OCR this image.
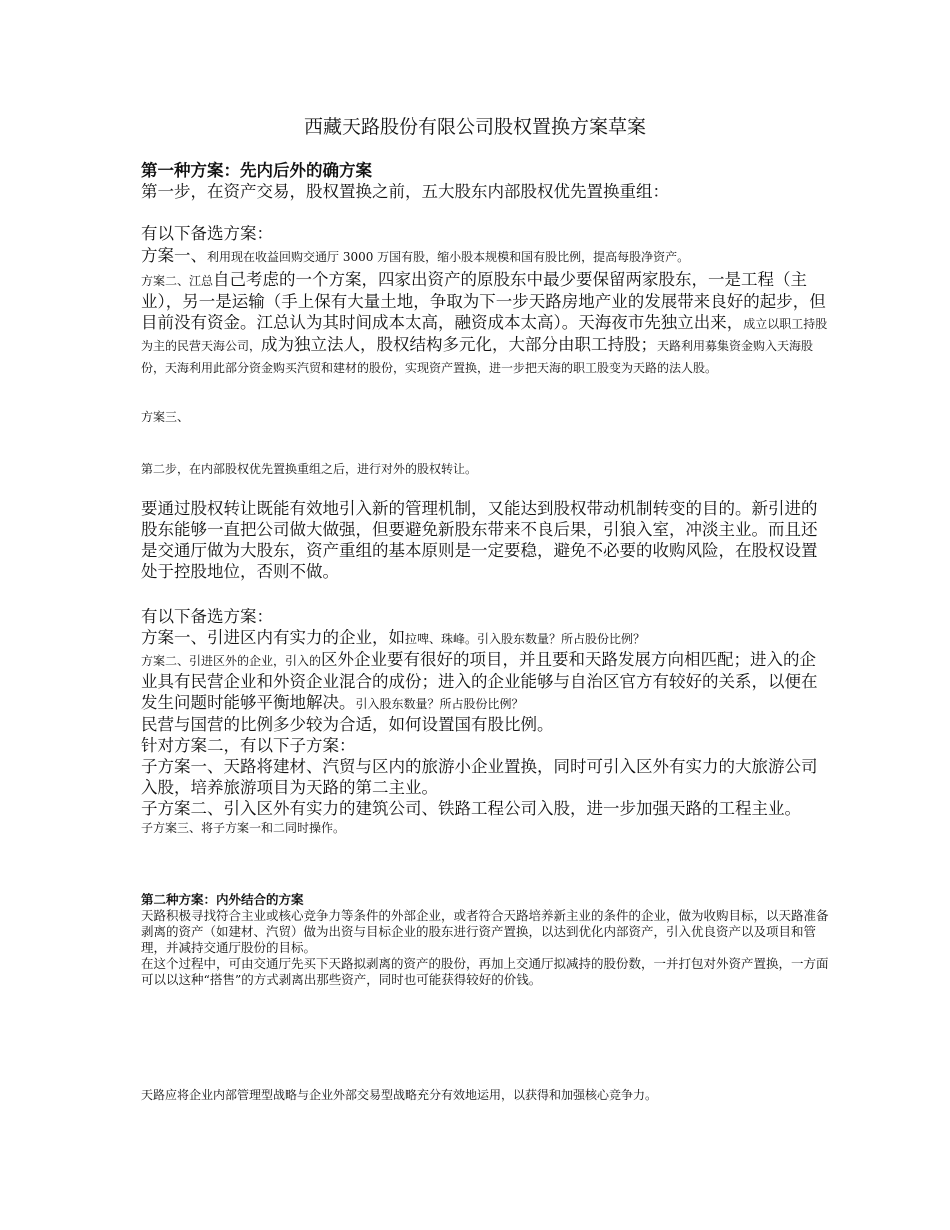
西藏天路股份有限公司股权置换方案草案

第一种方案：先内后外的确方案

第一步，在资产交易，股权置换之前，五大股东内部股权优先置换重组：

有以下备选方案：

方案一、利用现在收益回购交通厅 3000 万国有股，缩小股本规模和国有股比例，提高每股净资产。

方案二、江总自己考虑的一个方案，四家出资产的原股东中最少要保留两家股东，一是工程（主业），另一是运输（手上保有大量土地，争取为下一步天路房地产业的发展带来良好的起步，但目前没有资金。江总认为其时间成本太高，融资成本太高）。天海夜市先独立出来，成立以职工持股为主的民营天海公司，成为独立法人，股权结构多元化，大部分由职工持股；天路利用募集资金购入天海股份，天海利用此部分资金购买汽贸和建材的股份，实现资产置换，进一步把天海的职工股变为天路的法人股。

方案三、

第二步，在内部股权优先置换重组之后，进行对外的股权转让。

要通过股权转让既能有效地引入新的管理机制，又能达到股权带动机制转变的目的。新引进的股东能够一直把公司做大做强，但要避免新股东带来不良后果，引狼入室，冲淡主业。而且还是交通厅做为大股东，资产重组的基本原则是一定要稳，避免不必要的收购风险，在股权设置处于控股地位，否则不做。

有以下备选方案：

方案一、引进区内有实力的企业，如拉啤、珠峰。引入股东数量？所占股份比例？

方案二、引进区外的企业，引入的区外企业要有很好的项目，并且要和天路发展方向相匹配；进入的企业具有民营企业和外资企业混合的成份；进入的企业能够与自治区官方有较好的关系，以便在发生问题时能够平衡地解决。引入股东数量？所占股份比例？

民营与国营的比例多少较为合适，如何设置国有股比例。

针对方案二，有以下子方案：

子方案一、天路将建材、汽贸与区内的旅游小企业置换，同时可引入区外有实力的大旅游公司入股，培养旅游项目为天路的第二主业。

子方案二、引入区外有实力的建筑公司、铁路工程公司入股，进一步加强天路的工程主业。

子方案三、将子方案一和二同时操作。

第二种方案：内外结合的方案

天路积极寻找符合主业或核心竞争力等条件的外部企业，或者符合天路培养新主业的条件的企业，做为收购目标，以天路准备剥离的资产（如建材、汽贸）做为出资与目标企业的股东进行资产置换，以达到优化内部资产，引入优良资产以及项目和管理，并减持交通厅股份的目标。

在这个过程中，可由交通厅先买下天路拟剥离的资产的股份，再加上交通厅拟减持的股份数，一并打包对外资产置换，一方面可以以这种“搭售”的方式剥离出那些资产，同时也可能获得较好的价钱。

天路应将企业内部管理型战略与企业外部交易型战略充分有效地运用，以获得和加强核心竞争力。
